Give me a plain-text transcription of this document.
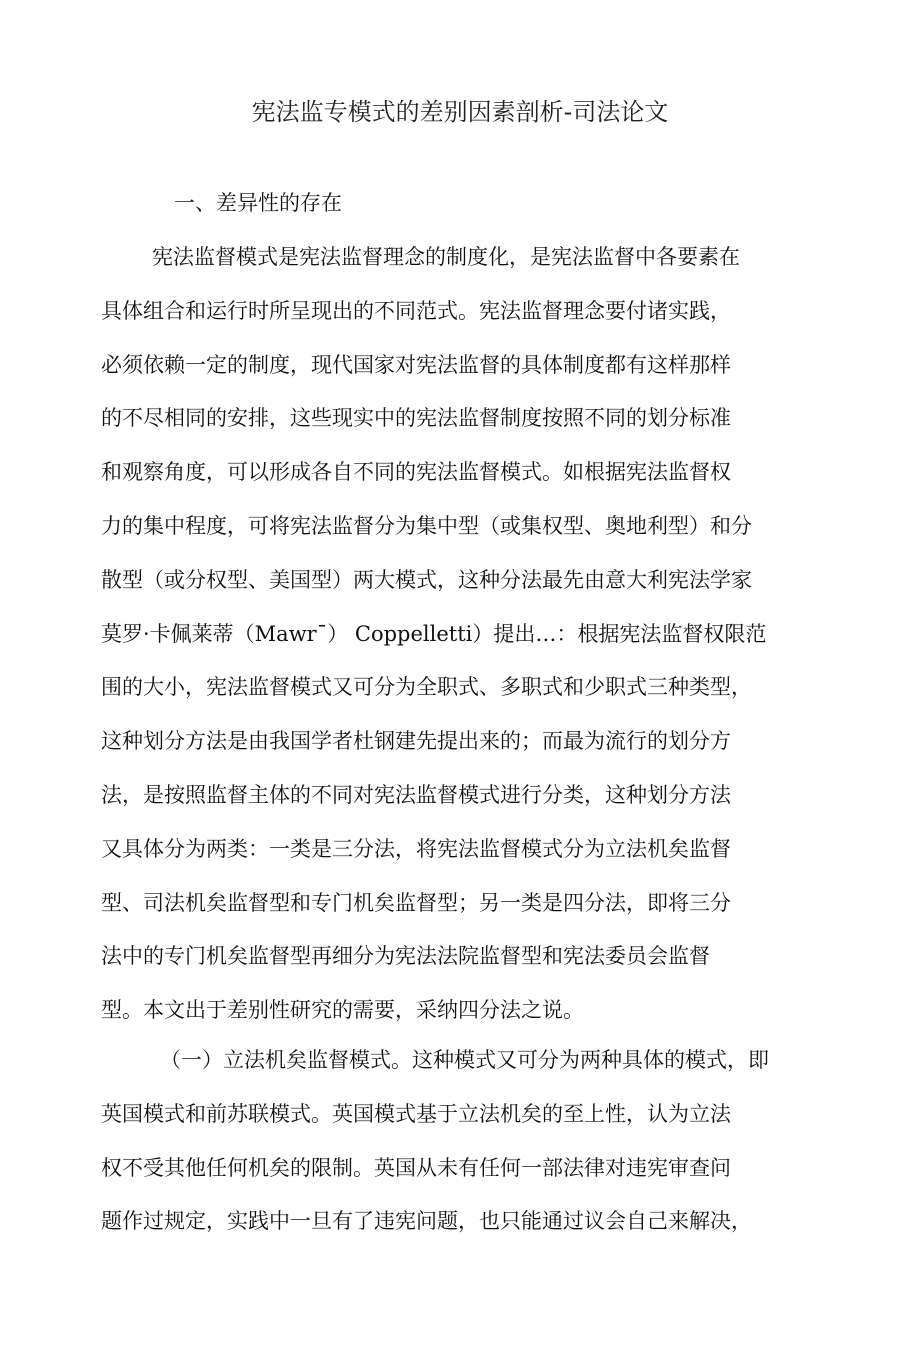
宪法监专模式的差别因素剖析-司法论文
一、差异性的存在
宪法监督模式是宪法监督理念的制度化，是宪法监督中各要素在
具体组合和运行时所呈现出的不同范式。宪法监督理念要付诸实践，
必须依赖一定的制度，现代国家对宪法监督的具体制度都有这样那样
的不尽相同的安排，这些现实中的宪法监督制度按照不同的划分标准
和观察角度，可以形成各自不同的宪法监督模式。如根据宪法监督权
力的集中程度，可将宪法监督分为集中型（或集权型、奥地利型）和分
散型（或分权型、美国型）两大模式，这种分法最先由意大利宪法学家
莫罗·卡佩莱蒂（Mawr¯） Coppelletti）提出…：根据宪法监督权限范
围的大小，宪法监督模式又可分为全职式、多职式和少职式三种类型，
这种划分方法是由我国学者杜钢建先提出来的；而最为流行的划分方
法，是按照监督主体的不同对宪法监督模式进行分类，这种划分方法
又具体分为两类：一类是三分法，将宪法监督模式分为立法机矣监督
型、司法机矣监督型和专门机矣监督型；另一类是四分法，即将三分
法中的专门机矣监督型再细分为宪法法院监督型和宪法委员会监督
型。本文出于差别性研究的需要，采纳四分法之说。
（一）立法机矣监督模式。这种模式又可分为两种具体的模式，即
英国模式和前苏联模式。英国模式基于立法机矣的至上性，认为立法
权不受其他任何机矣的限制。英国从未有任何一部法律对违宪审查问
题作过规定，实践中一旦有了违宪问题，也只能通过议会自己来解决，
